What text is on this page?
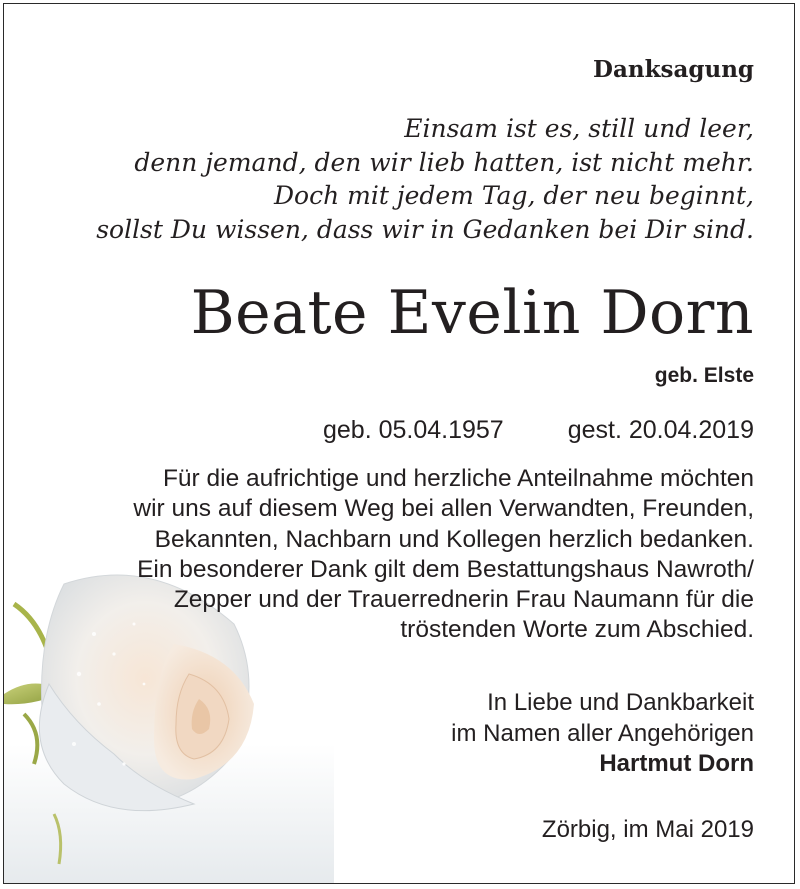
Danksagung
Einsam ist es, still und leer,
denn jemand, den wir lieb hatten, ist nicht mehr.
Doch mit jedem Tag, der neu beginnt,
sollst Du wissen, dass wir in Gedanken bei Dir sind.
Beate Evelin Dorn
geb. Elste
geb. 05.04.1957	gest. 20.04.2019
Für die aufrichtige und herzliche Anteilnahme möchten
wir uns auf diesem Weg bei allen Verwandten, Freunden,
Bekannten, Nachbarn und Kollegen herzlich bedanken.
Ein besonderer Dank gilt dem Bestattungshaus Nawroth/
Zepper und der Trauerrednerin Frau Naumann für die
tröstenden Worte zum Abschied.
In Liebe und Dankbarkeit
im Namen aller Angehörigen
Hartmut Dorn
Zörbig, im Mai 2019
